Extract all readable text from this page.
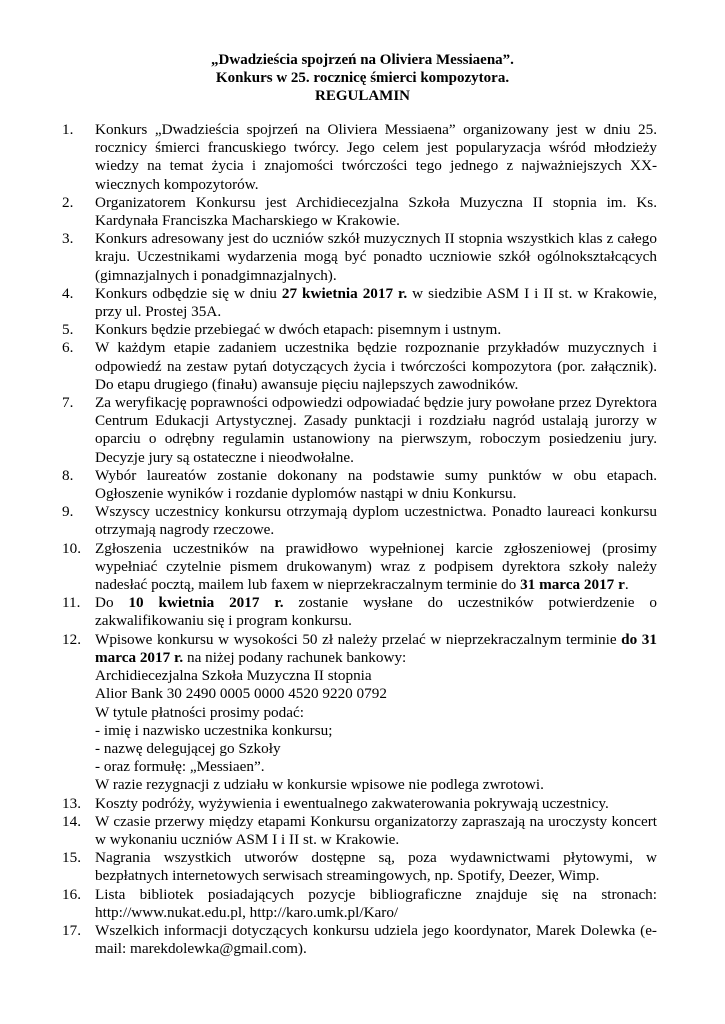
„Dwadzieścia spojrzeń na Oliviera Messiaena”.
Konkurs w 25. rocznicę śmierci kompozytora.
REGULAMIN
1. Konkurs „Dwadzieścia spojrzeń na Oliviera Messiaena” organizowany jest w dniu 25. rocznicy śmierci francuskiego twórcy. Jego celem jest popularyzacja wśród młodzieży wiedzy na temat życia i znajomości twórczości tego jednego z najważniejszych XX-wiecznych kompozytorów.
2. Organizatorem Konkursu jest Archidiecezjalna Szkoła Muzyczna II stopnia im. Ks. Kardynała Franciszka Macharskiego w Krakowie.
3. Konkurs adresowany jest do uczniów szkół muzycznych II stopnia wszystkich klas z całego kraju. Uczestnikami wydarzenia mogą być ponadto uczniowie szkół ogólnokształcących (gimnazjalnych i ponadgimnazjalnych).
4. Konkurs odbędzie się w dniu 27 kwietnia 2017 r. w siedzibie ASM I i II st. w Krakowie, przy ul. Prostej 35A.
5. Konkurs będzie przebiegać w dwóch etapach: pisemnym i ustnym.
6. W każdym etapie zadaniem uczestnika będzie rozpoznanie przykładów muzycznych i odpowiedź na zestaw pytań dotyczących życia i twórczości kompozytora (por. załącznik). Do etapu drugiego (finału) awansuje pięciu najlepszych zawodników.
7. Za weryfikację poprawności odpowiedzi odpowiadać będzie jury powołane przez Dyrektora Centrum Edukacji Artystycznej. Zasady punktacji i rozdziału nagród ustalają jurorzy w oparciu o odrębny regulamin ustanowiony na pierwszym, roboczym posiedzeniu jury. Decyzje jury są ostateczne i nieodwołalne.
8. Wybór laureatów zostanie dokonany na podstawie sumy punktów w obu etapach. Ogłoszenie wyników i rozdanie dyplomów nastąpi w dniu Konkursu.
9. Wszyscy uczestnicy konkursu otrzymają dyplom uczestnictwa. Ponadto laureaci konkursu otrzymają nagrody rzeczowe.
10. Zgłoszenia uczestników na prawidłowo wypełnionej karcie zgłoszeniowej (prosimy wypełniać czytelnie pismem drukowanym) wraz z podpisem dyrektora szkoły należy nadesłać pocztą, mailem lub faxem w nieprzekraczalnym terminie do 31 marca 2017 r.
11. Do 10 kwietnia 2017 r. zostanie wysłane do uczestników potwierdzenie o zakwalifikowaniu się i program konkursu.
12. Wpisowe konkursu w wysokości 50 zł należy przelać w nieprzekraczalnym terminie do 31 marca 2017 r. na niżej podany rachunek bankowy:
Archidiecezjalna Szkoła Muzyczna II stopnia
Alior Bank 30 2490 0005 0000 4520 9220 0792
W tytule płatności prosimy podać:
- imię i nazwisko uczestnika konkursu;
- nazwę delegującej go Szkoły
- oraz formułę: „Messiaen”.
W razie rezygnacji z udziału w konkursie wpisowe nie podlega zwrotowi.
13. Koszty podróży, wyżywienia i ewentualnego zakwaterowania pokrywają uczestnicy.
14. W czasie przerwy między etapami Konkursu organizatorzy zapraszają na uroczysty koncert w wykonaniu uczniów ASM I i II st. w Krakowie.
15. Nagrania wszystkich utworów dostępne są, poza wydawnictwami płytowymi, w bezpłatnych internetowych serwisach streamingowych, np. Spotify, Deezer, Wimp.
16. Lista bibliotek posiadających pozycje bibliograficzne znajduje się na stronach: http://www.nukat.edu.pl, http://karo.umk.pl/Karo/
17. Wszelkich informacji dotyczących konkursu udziela jego koordynator, Marek Dolewka (e-mail: marekdolewka@gmail.com).
